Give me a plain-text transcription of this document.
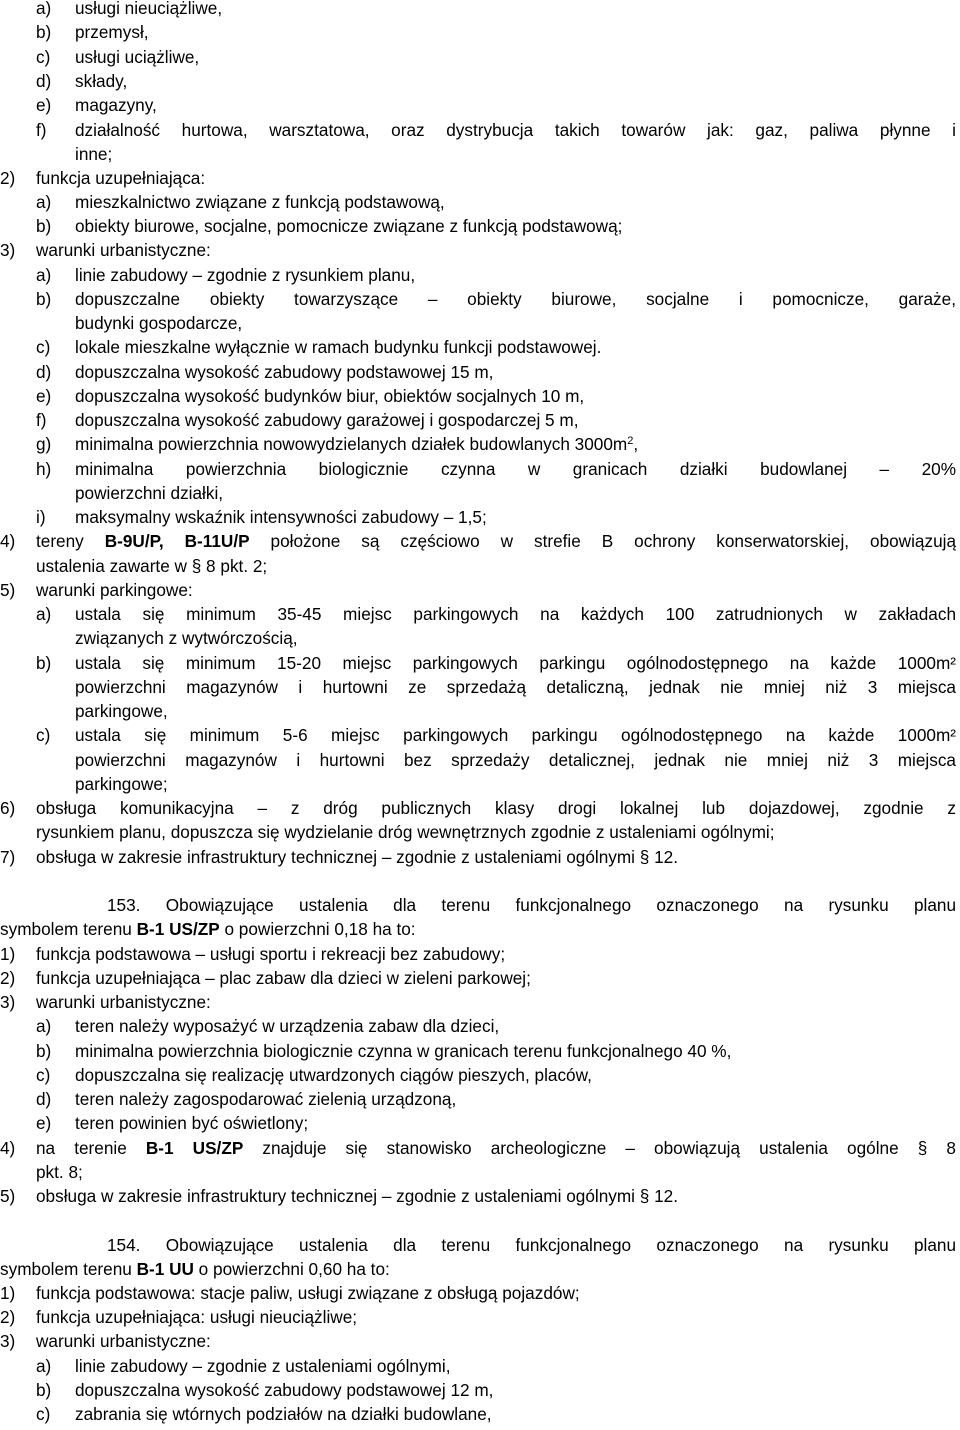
a) usługi nieuciążliwe,
b) przemysł,
c) usługi uciążliwe,
d) składy,
e) magazyny,
f) działalność hurtowa, warsztatowa, oraz dystrybucja takich towarów jak: gaz, paliwa płynne i
inne;
2) funkcja uzupełniająca:
a) mieszkalnictwo związane z funkcją podstawową,
b) obiekty biurowe, socjalne, pomocnicze związane z funkcją podstawową;
3) warunki urbanistyczne:
a) linie zabudowy – zgodnie z rysunkiem planu,
b) dopuszczalne obiekty towarzyszące – obiekty biurowe, socjalne i pomocnicze, garaże,
budynki gospodarcze,
c) lokale mieszkalne wyłącznie w ramach budynku funkcji podstawowej.
d) dopuszczalna wysokość zabudowy podstawowej 15 m,
e) dopuszczalna wysokość budynków biur, obiektów socjalnych 10 m,
f) dopuszczalna wysokość zabudowy garażowej i gospodarczej 5 m,
g) minimalna powierzchnia nowowydzielanych działek budowlanych $3000m^2$,
h) minimalna powierzchnia biologicznie czynna w granicach działki budowlanej – 20%
powierzchni działki,
i) maksymalny wskaźnik intensywności zabudowy – 1,5;
4) tereny B-9U/P, B-11U/P położone są częściowo w strefie B ochrony konserwatorskiej, obowiązują
ustalenia zawarte w § 8 pkt. 2;
5) warunki parkingowe:
a) ustala się minimum 35-45 miejsc parkingowych na każdych 100 zatrudnionych w zakładach
związanych z wytwórczością,
b) ustala się minimum 15-20 miejsc parkingowych parkingu ogólnodostępnego na każde 1000m²
powierzchni magazynów i hurtowni ze sprzedażą detaliczną, jednak nie mniej niż 3 miejsca
parkingowe,
c) ustala się minimum 5-6 miejsc parkingowych parkingu ogólnodostępnego na każde 1000m²
powierzchni magazynów i hurtowni bez sprzedaży detalicznej, jednak nie mniej niż 3 miejsca
parkingowe;
6) obsługa komunikacyjna – z dróg publicznych klasy drogi lokalnej lub dojazdowej, zgodnie z
rysunkiem planu, dopuszcza się wydzielanie dróg wewnętrznych zgodnie z ustaleniami ogólnymi;
7) obsługa w zakresie infrastruktury technicznej – zgodnie z ustaleniami ogólnymi § 12.
153. Obowiązujące ustalenia dla terenu funkcjonalnego oznaczonego na rysunku planu
symbolem terenu B-1 US/ZP o powierzchni 0,18 ha to:
1) funkcja podstawowa – usługi sportu i rekreacji bez zabudowy;
2) funkcja uzupełniająca – plac zabaw dla dzieci w zieleni parkowej;
3) warunki urbanistyczne:
a) teren należy wyposażyć w urządzenia zabaw dla dzieci,
b) minimalna powierzchnia biologicznie czynna w granicach terenu funkcjonalnego 40 %,
c) dopuszczalna się realizację utwardzonych ciągów pieszych, placów,
d) teren należy zagospodarować zielenią urządzoną,
e) teren powinien być oświetlony;
4) na terenie B-1 US/ZP znajduje się stanowisko archeologiczne – obowiązują ustalenia ogólne § 8
pkt. 8;
5) obsługa w zakresie infrastruktury technicznej – zgodnie z ustaleniami ogólnymi § 12.
154. Obowiązujące ustalenia dla terenu funkcjonalnego oznaczonego na rysunku planu
symbolem terenu B-1 UU o powierzchni 0,60 ha to:
1) funkcja podstawowa: stacje paliw, usługi związane z obsługą pojazdów;
2) funkcja uzupełniająca: usługi nieuciążliwe;
3) warunki urbanistyczne:
a) linie zabudowy – zgodnie z ustaleniami ogólnymi,
b) dopuszczalna wysokość zabudowy podstawowej 12 m,
c) zabrania się wtórnych podziałów na działki budowlane,
